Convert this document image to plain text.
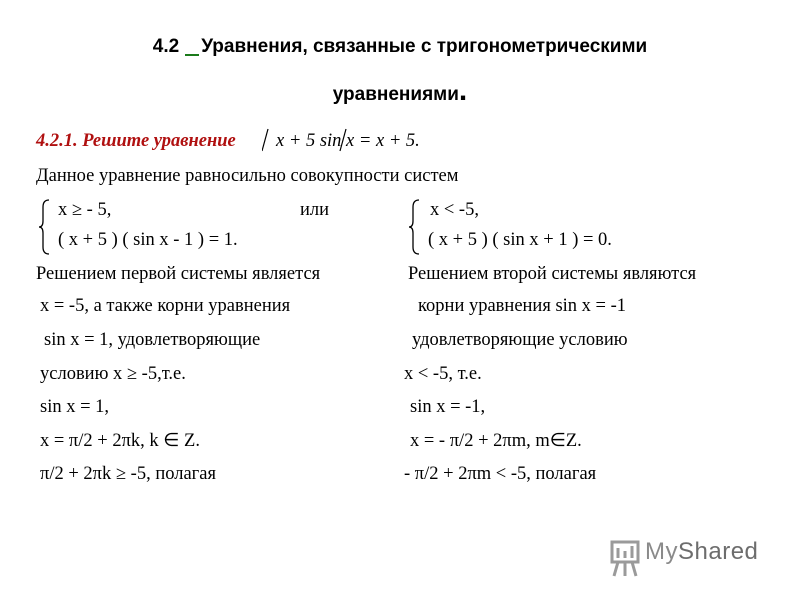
4.2 Уравнения, связанные с тригонометрическими
уравнениями.
4.2.1. Решите уравнение x + 5 sin x = x + 5.
Данное уравнение равносильно совокупности систем
x ≥ - 5,
( x + 5 ) ( sin x - 1 ) = 1.
или	x < -5,
( x + 5 ) ( sin x + 1 ) = 0.
Решением первой системы является
x = -5, а также корни уравнения
sin x = 1, удовлетворяющие
условию x ≥ -5,т.е.
sin x = 1,
x = π/2 + 2πk, k ∈ Z.
π/2 + 2πk ≥ -5, полагая
Решением второй системы являются
корни уравнения sin x = -1
удовлетворяющие условию
x < -5, т.е.
sin x = -1,
x = - π/2 + 2πm, m∈Z.
- π/2 + 2πm < -5, полагая
MyShared
